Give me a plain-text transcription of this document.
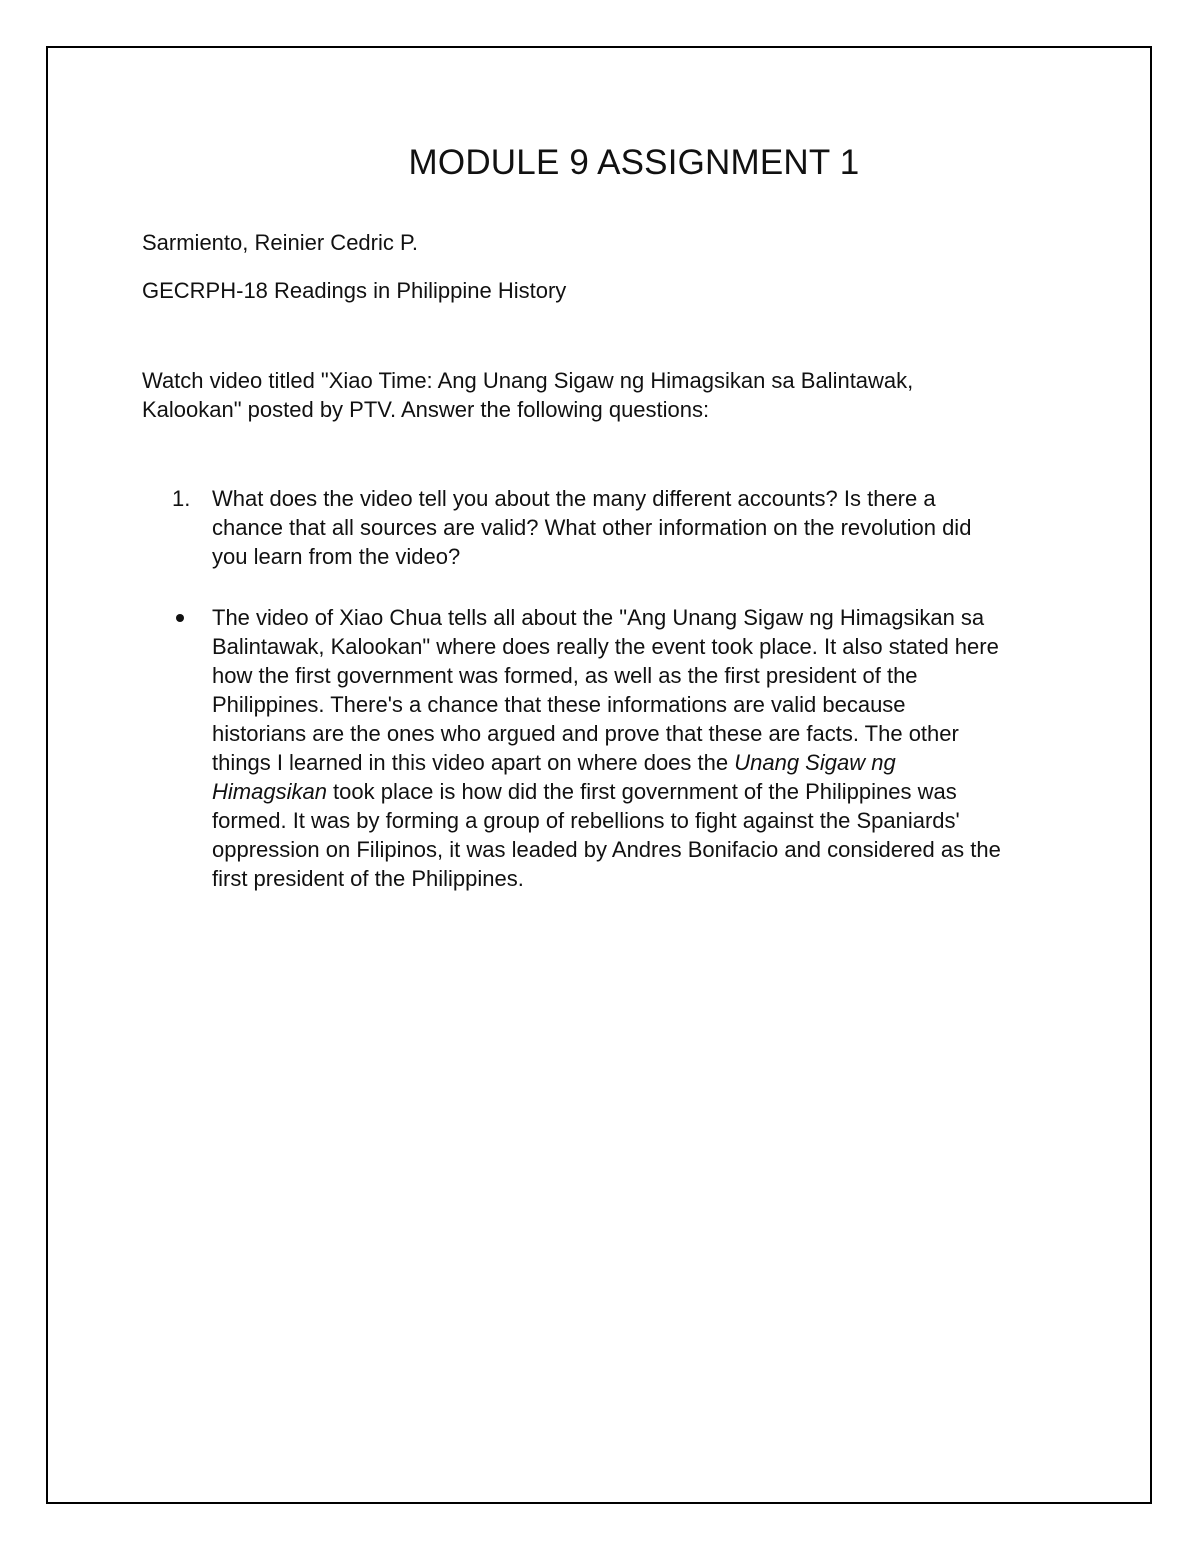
MODULE 9 ASSIGNMENT 1
Sarmiento, Reinier Cedric P.
GECRPH-18 Readings in Philippine History
Watch video titled "Xiao Time: Ang Unang Sigaw ng Himagsikan sa Balintawak,
Kalookan" posted by PTV. Answer the following questions:
1. What does the video tell you about the many different accounts? Is there a
chance that all sources are valid? What other information on the revolution did
you learn from the video?
The video of Xiao Chua tells all about the "Ang Unang Sigaw ng Himagsikan sa
Balintawak, Kalookan" where does really the event took place. It also stated here
how the first government was formed, as well as the first president of the
Philippines. There's a chance that these informations are valid because
historians are the ones who argued and prove that these are facts. The other
things I learned in this video apart on where does the Unang Sigaw ng
Himagsikan took place is how did the first government of the Philippines was
formed. It was by forming a group of rebellions to fight against the Spaniards'
oppression on Filipinos, it was leaded by Andres Bonifacio and considered as the
first president of the Philippines.
